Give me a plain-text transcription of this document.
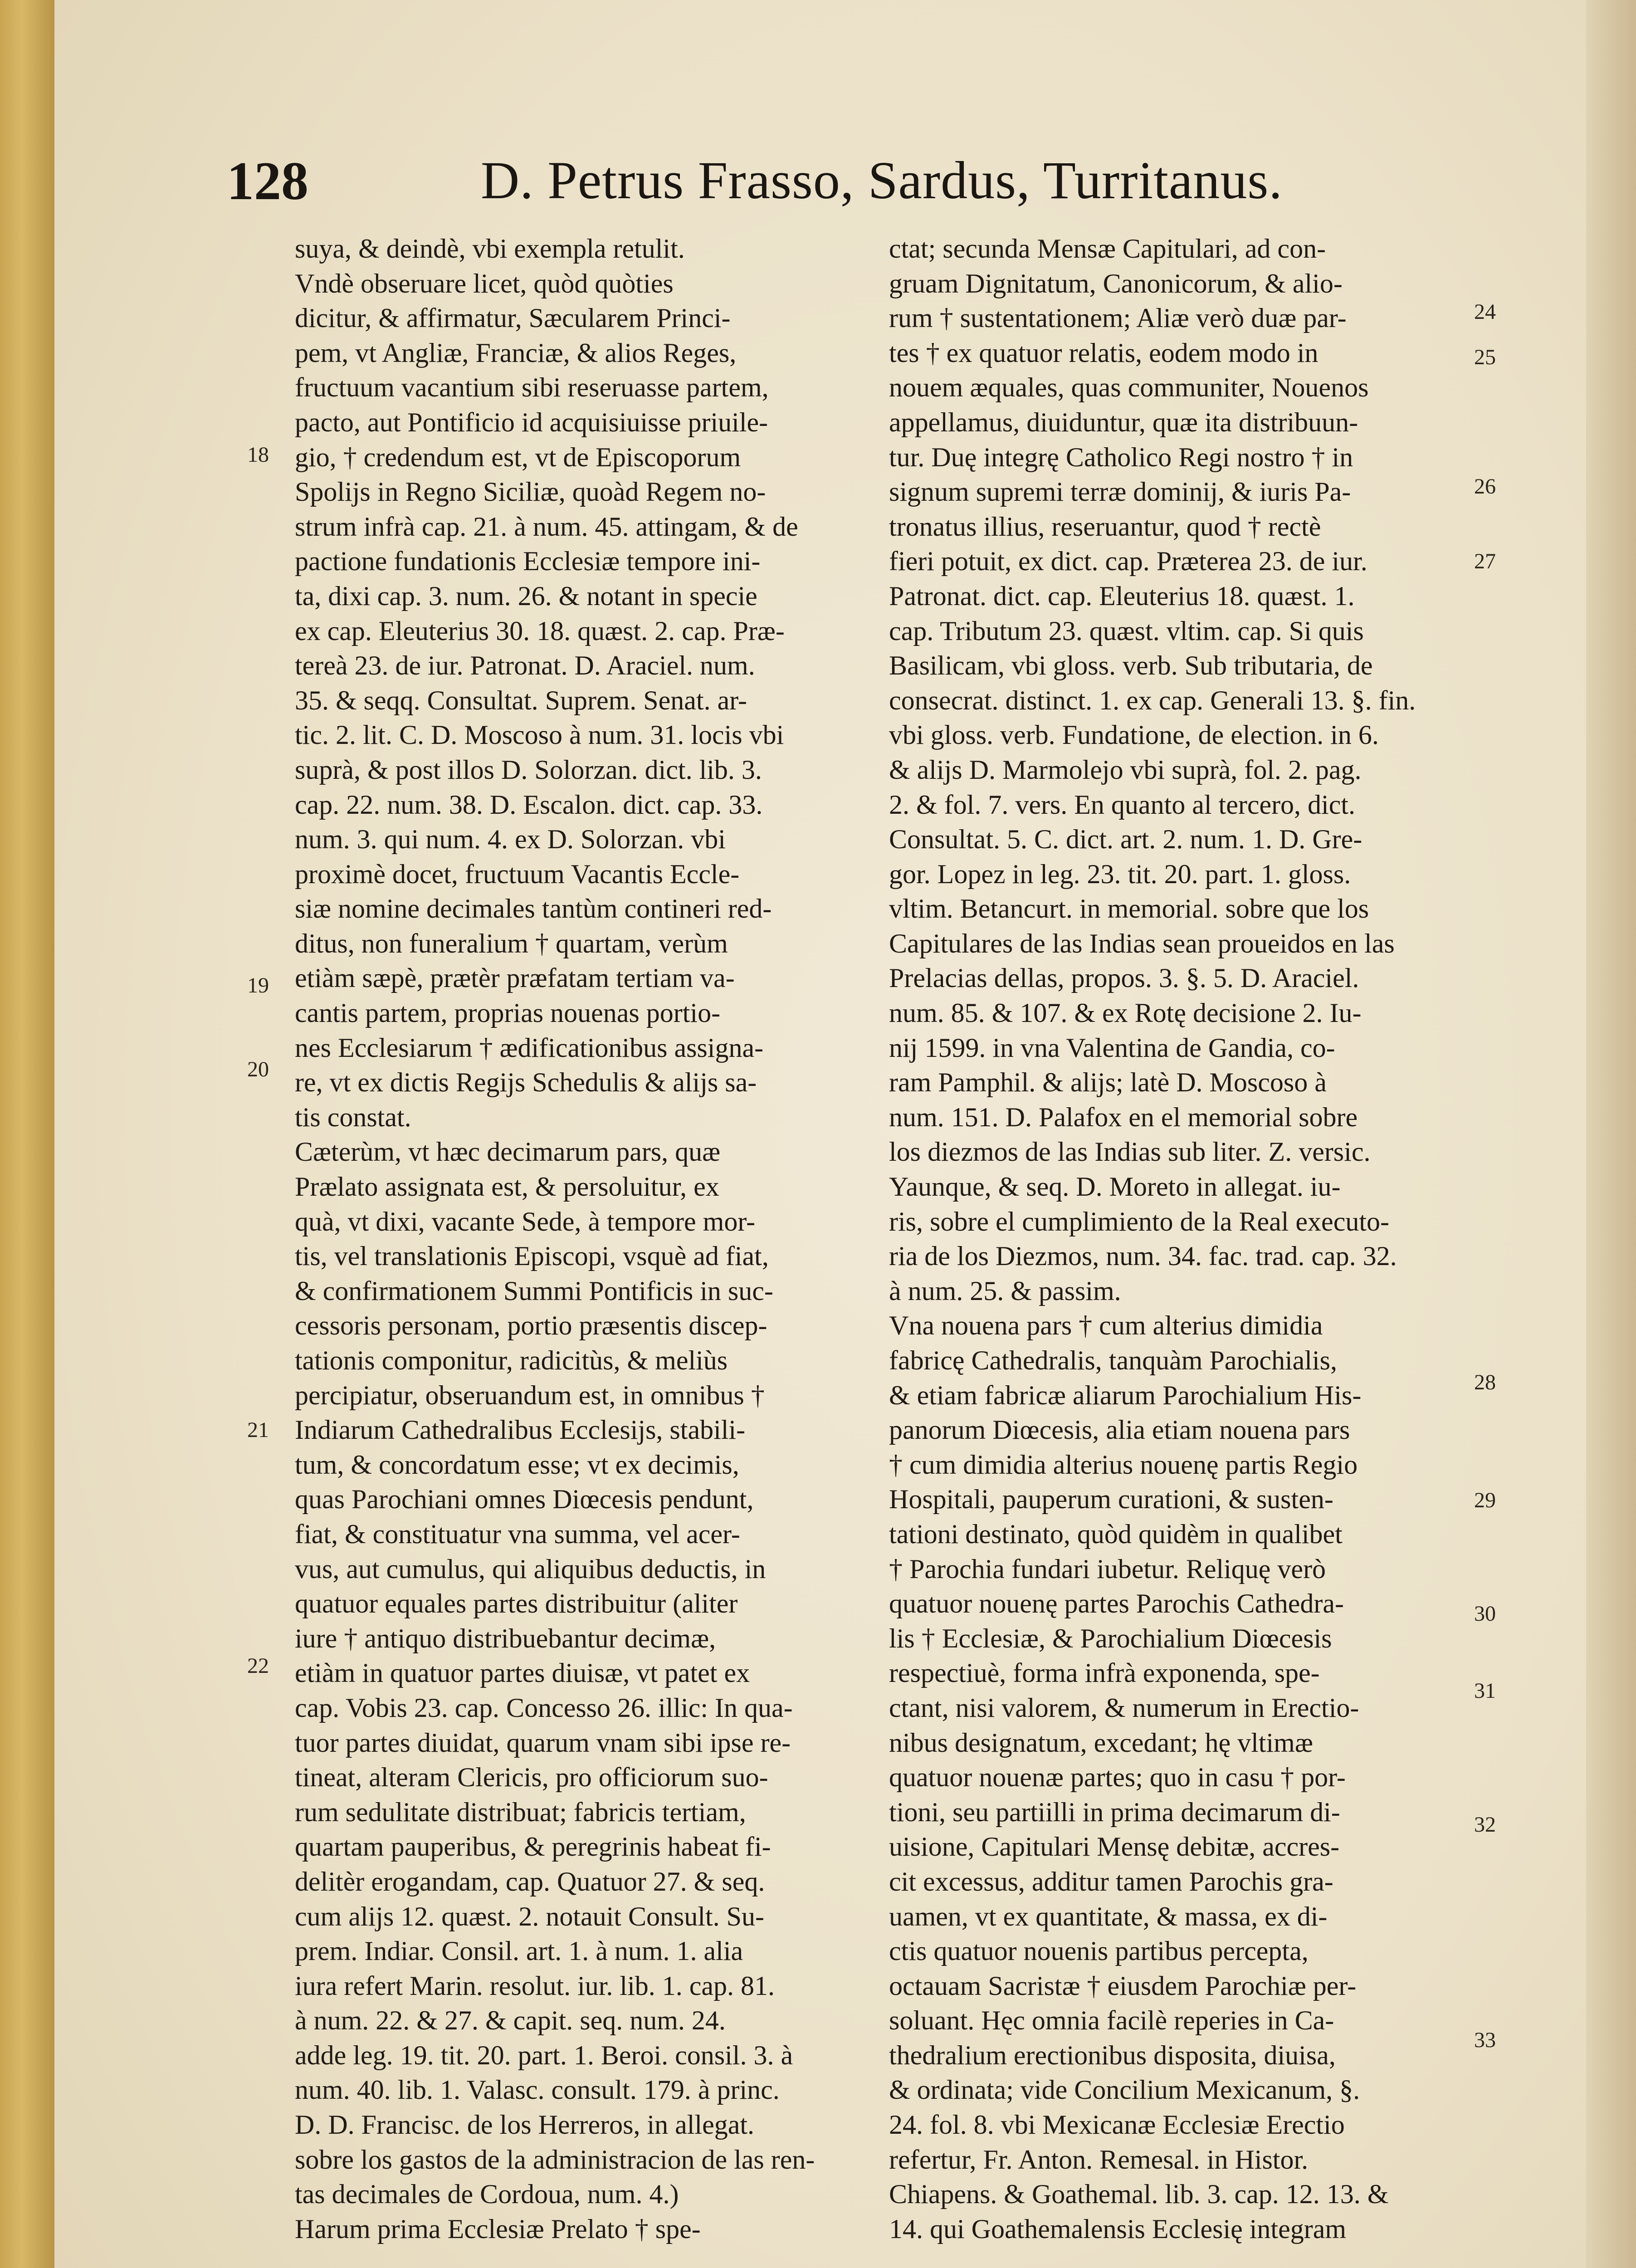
128	D. Petrus Frasso, Sardus, Turritanus.
suya, & deindè, vbi exempla retulit.
Vndè obseruare licet, quòd quòties
dicitur, & affirmatur, Sæcularem Princi-
pem, vt Angliæ, Franciæ, & alios Reges,
fructuum vacantium sibi reseruasse partem,
pacto, aut Pontificio id acquisiuisse priuile-
gio, † credendum est, vt de Episcoporum
Spolijs in Regno Siciliæ, quoàd Regem no-
strum infrà cap. 21. à num. 45. attingam, & de
pactione fundationis Ecclesiæ tempore ini-
ta, dixi cap. 3. num. 26. & notant in specie
ex cap. Eleuterius 30. 18. quæst. 2. cap. Præ-
tereà 23. de iur. Patronat. D. Araciel. num.
35. & seqq. Consultat. Suprem. Senat. ar-
tic. 2. lit. C. D. Moscoso à num. 31. locis vbi
suprà, & post illos D. Solorzan. dict. lib. 3.
cap. 22. num. 38. D. Escalon. dict. cap. 33.
num. 3. qui num. 4. ex D. Solorzan. vbi
proximè docet, fructuum Vacantis Eccle-
siæ nomine decimales tantùm contineri red-
ditus, non funeralium † quartam, verùm
etiàm sæpè, prætèr præfatam tertiam va-
cantis partem, proprias nouenas portio-
nes Ecclesiarum † ædificationibus assigna-
re, vt ex dictis Regijs Schedulis & alijs sa-
tis constat.
Cæterùm, vt hæc decimarum pars, quæ
Prælato assignata est, & persoluitur, ex
quà, vt dixi, vacante Sede, à tempore mor-
tis, vel translationis Episcopi, vsquè ad fiat,
& confirmationem Summi Pontificis in suc-
cessoris personam, portio præsentis discep-
tationis componitur, radicitùs, & meliùs
percipiatur, obseruandum est, in omnibus †
Indiarum Cathedralibus Ecclesijs, stabili-
tum, & concordatum esse; vt ex decimis,
quas Parochiani omnes Diœcesis pendunt,
fiat, & constituatur vna summa, vel acer-
vus, aut cumulus, qui aliquibus deductis, in
quatuor equales partes distribuitur (aliter
iure † antiquo distribuebantur decimæ,
etiàm in quatuor partes diuisæ, vt patet ex
cap. Vobis 23. cap. Concesso 26. illic: In qua-
tuor partes diuidat, quarum vnam sibi ipse re-
tineat, alteram Clericis, pro officiorum suo-
rum sedulitate distribuat; fabricis tertiam,
quartam pauperibus, & peregrinis habeat fi-
delitèr erogandam, cap. Quatuor 27. & seq.
cum alijs 12. quæst. 2. notauit Consult. Su-
prem. Indiar. Consil. art. 1. à num. 1. alia
iura refert Marin. resolut. iur. lib. 1. cap. 81.
à num. 22. & 27. & capit. seq. num. 24.
adde leg. 19. tit. 20. part. 1. Beroi. consil. 3. à
num. 40. lib. 1. Valasc. consult. 179. à princ.
D. D. Francisc. de los Herreros, in allegat.
sobre los gastos de la administracion de las ren-
tas decimales de Cordoua, num. 4.)
Harum prima Ecclesiæ Prelato † spe-
ctat; secunda Mensæ Capitulari, ad con-
gruam Dignitatum, Canonicorum, & alio-
rum † sustentationem; Aliæ verò duæ par-
tes † ex quatuor relatis, eodem modo in
nouem æquales, quas communiter, Nouenos
appellamus, diuiduntur, quæ ita distribuun-
tur. Duę integrę Catholico Regi nostro † in
signum supremi terræ dominij, & iuris Pa-
tronatus illius, reseruantur, quod † rectè
fieri potuit, ex dict. cap. Præterea 23. de iur.
Patronat. dict. cap. Eleuterius 18. quæst. 1.
cap. Tributum 23. quæst. vltim. cap. Si quis
Basilicam, vbi gloss. verb. Sub tributaria, de
consecrat. distinct. 1. ex cap. Generali 13. §. fin.
vbi gloss. verb. Fundatione, de election. in 6.
& alijs D. Marmolejo vbi suprà, fol. 2. pag.
2. & fol. 7. vers. En quanto al tercero, dict.
Consultat. 5. C. dict. art. 2. num. 1. D. Gre-
gor. Lopez in leg. 23. tit. 20. part. 1. gloss.
vltim. Betancurt. in memorial. sobre que los
Capitulares de las Indias sean proueidos en las
Prelacias dellas, propos. 3. §. 5. D. Araciel.
num. 85. & 107. & ex Rotę decisione 2. Iu-
nij 1599. in vna Valentina de Gandia, co-
ram Pamphil. & alijs; latè D. Moscoso à
num. 151. D. Palafox en el memorial sobre
los diezmos de las Indias sub liter. Z. versic.
Yaunque, & seq. D. Moreto in allegat. iu-
ris, sobre el cumplimiento de la Real executo-
ria de los Diezmos, num. 34. fac. trad. cap. 32.
à num. 25. & passim.
Vna nouena pars † cum alterius dimidia
fabricę Cathedralis, tanquàm Parochialis,
& etiam fabricæ aliarum Parochialium His-
panorum Diœcesis, alia etiam nouena pars
† cum dimidia alterius nouenę partis Regio
Hospitali, pauperum curationi, & susten-
tationi destinato, quòd quidèm in qualibet
† Parochia fundari iubetur. Reliquę verò
quatuor nouenę partes Parochis Cathedra-
lis † Ecclesiæ, & Parochialium Diœcesis
respectiuè, forma infrà exponenda, spe-
ctant, nisi valorem, & numerum in Erectio-
nibus designatum, excedant; hę vltimæ
quatuor nouenæ partes; quo in casu † por-
tioni, seu partiilli in prima decimarum di-
uisione, Capitulari Mensę debitæ, accres-
cit excessus, additur tamen Parochis gra-
uamen, vt ex quantitate, & massa, ex di-
ctis quatuor nouenis partibus percepta,
octauam Sacristæ † eiusdem Parochiæ per-
soluant. Hęc omnia facilè reperies in Ca-
thedralium erectionibus disposita, diuisa,
& ordinata; vide Concilium Mexicanum, §.
24. fol. 8. vbi Mexicanæ Ecclesiæ Erectio
refertur, Fr. Anton. Remesal. in Histor.
Chiapens. & Goathemal. lib. 3. cap. 12. 13. &
14. qui Goathemalensis Ecclesię integram
18
19
20
21
22
24
25
26
27
28
29
30
31
32
33
